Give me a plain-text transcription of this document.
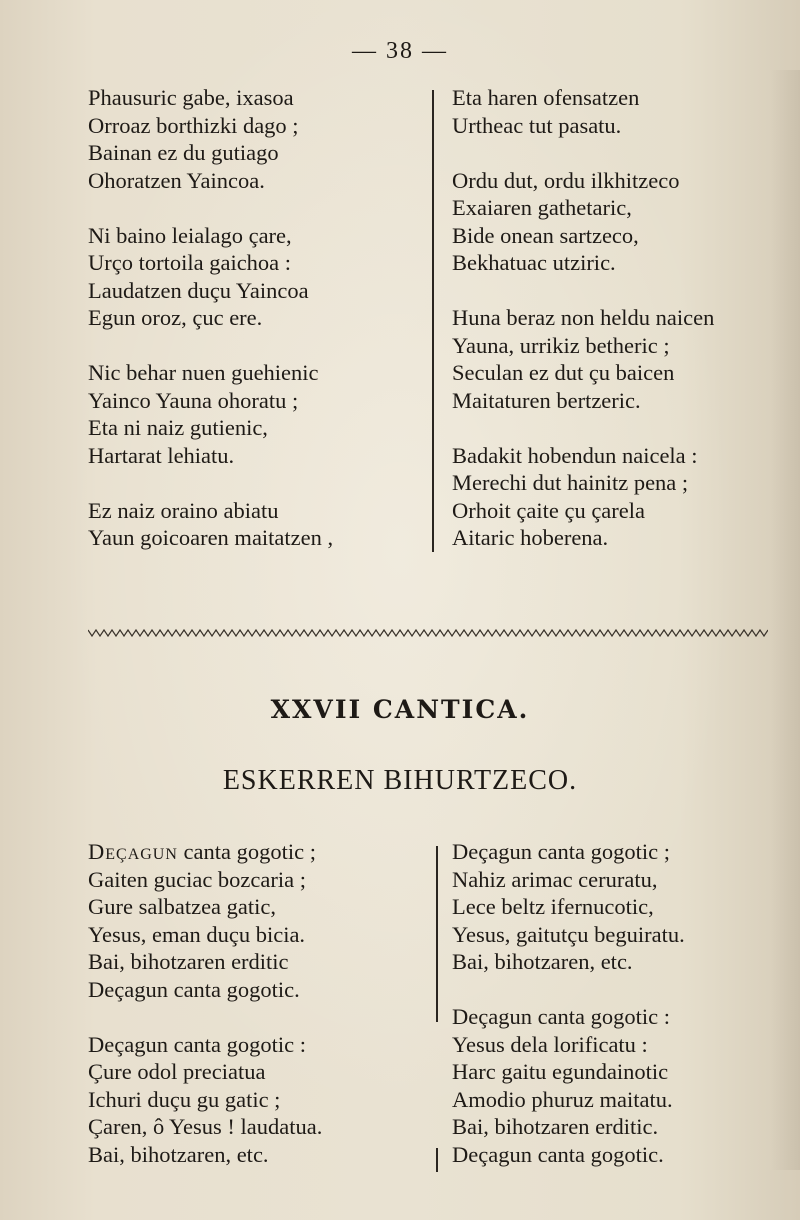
— 38 —
Phausuric gabe, ixasoa
Orroaz borthizki dago ;
Bainan ez du gutiago
Ohoratzen Yaincoa.
Ni baino leialago çare,
Urço tortoila gaichoa :
Laudatzen duçu Yaincoa
Egun oroz, çuc ere.
Nic behar nuen guehienic
Yainco Yauna ohoratu ;
Eta ni naiz gutienic,
Hartarat lehiatu.
Ez naiz oraino abiatu
Yaun goicoaren maitatzen ,
Eta haren ofensatzen
Urtheac tut pasatu.
Ordu dut, ordu ilkhitzeco
Exaiaren gathetaric,
Bide onean sartzeco,
Bekhatuac utziric.
Huna beraz non heldu naicen
Yauna, urrikiz betheric ;
Seculan ez dut çu baicen
Maitaturen bertzeric.
Badakit hobendun naicela :
Merechi dut hainitz pena ;
Orhoit çaite çu çarela
Aitaric hoberena.
XXVII CANTICA.
ESKERREN BIHURTZECO.
Deçagun canta gogotic ;
Gaiten guciac bozcaria ;
Gure salbatzea gatic,
Yesus, eman duçu bicia.
Bai, bihotzaren erditic
Deçagun canta gogotic.
Deçagun canta gogotic :
Çure odol preciatua
Ichuri duçu gu gatic ;
Çaren, ô Yesus ! laudatua.
Bai, bihotzaren, etc.
Deçagun canta gogotic ;
Nahiz arimac ceruratu,
Lece beltz ifernucotic,
Yesus, gaitutçu beguiratu.
Bai, bihotzaren, etc.
Deçagun canta gogotic :
Yesus dela lorificatu :
Harc gaitu egundainotic
Amodio phuruz maitatu.
Bai, bihotzaren erditic.
Deçagun canta gogotic.
